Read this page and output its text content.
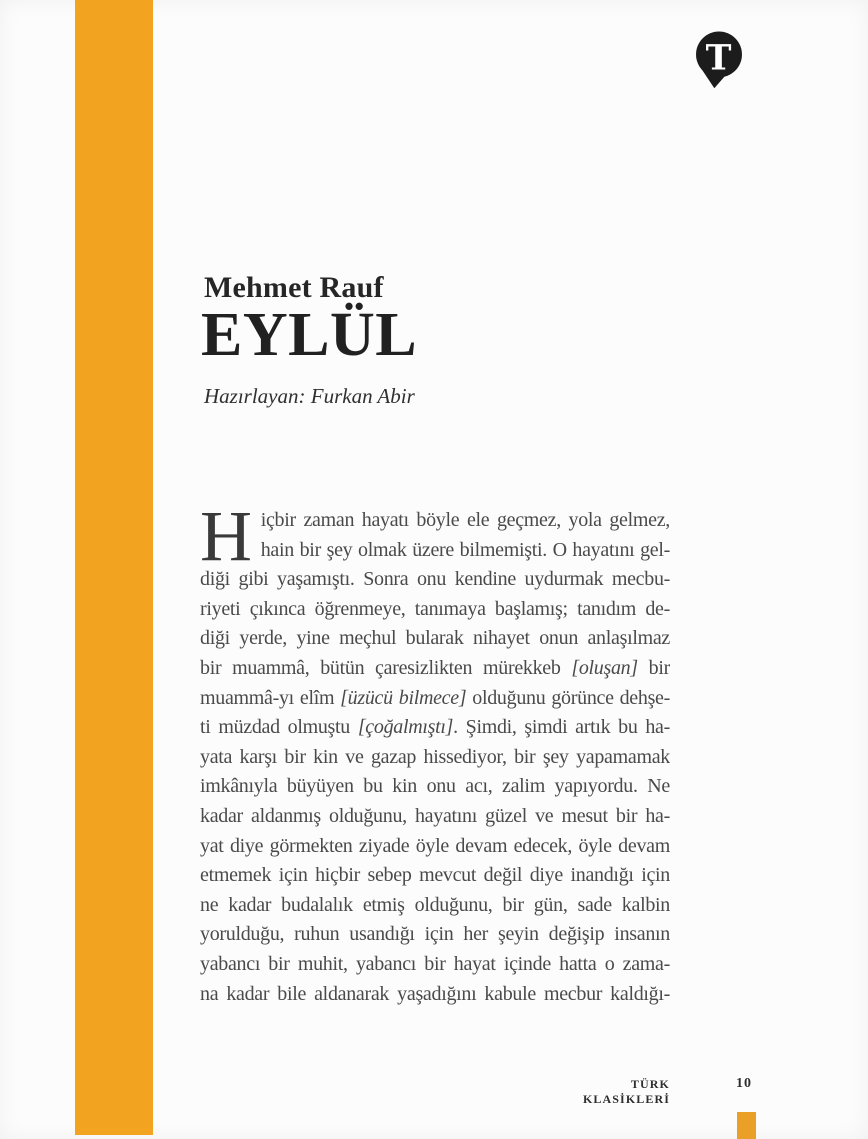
T
Mehmet Rauf
EYLÜL
Hazırlayan: Furkan Abir
H içbir zaman hayatı böyle ele geçmez, yola gelmez,
hain bir şey olmak üzere bilmemişti. O hayatını gel-
diği gibi yaşamıştı. Sonra onu kendine uydurmak mecbu-
riyeti çıkınca öğrenmeye, tanımaya başlamış; tanıdım de-
diği yerde, yine meçhul bularak nihayet onun anlaşılmaz
bir muammâ, bütün çaresizlikten mürekkeb [oluşan] bir
muammâ-yı elîm [üzücü bilmece] olduğunu görünce dehşe-
ti müzdad olmuştu [çoğalmıştı]. Şimdi, şimdi artık bu ha-
yata karşı bir kin ve gazap hissediyor, bir şey yapamamak
imkânıyla büyüyen bu kin onu acı, zalim yapıyordu. Ne
kadar aldanmış olduğunu, hayatını güzel ve mesut bir ha-
yat diye görmekten ziyade öyle devam edecek, öyle devam
etmemek için hiçbir sebep mevcut değil diye inandığı için
ne kadar budalalık etmiş olduğunu, bir gün, sade kalbin
yorulduğu, ruhun usandığı için her şeyin değişip insanın
yabancı bir muhit, yabancı bir hayat içinde hatta o zama-
na kadar bile aldanarak yaşadığını kabule mecbur kaldığı-
TÜRK KLASİKLERİ
10
